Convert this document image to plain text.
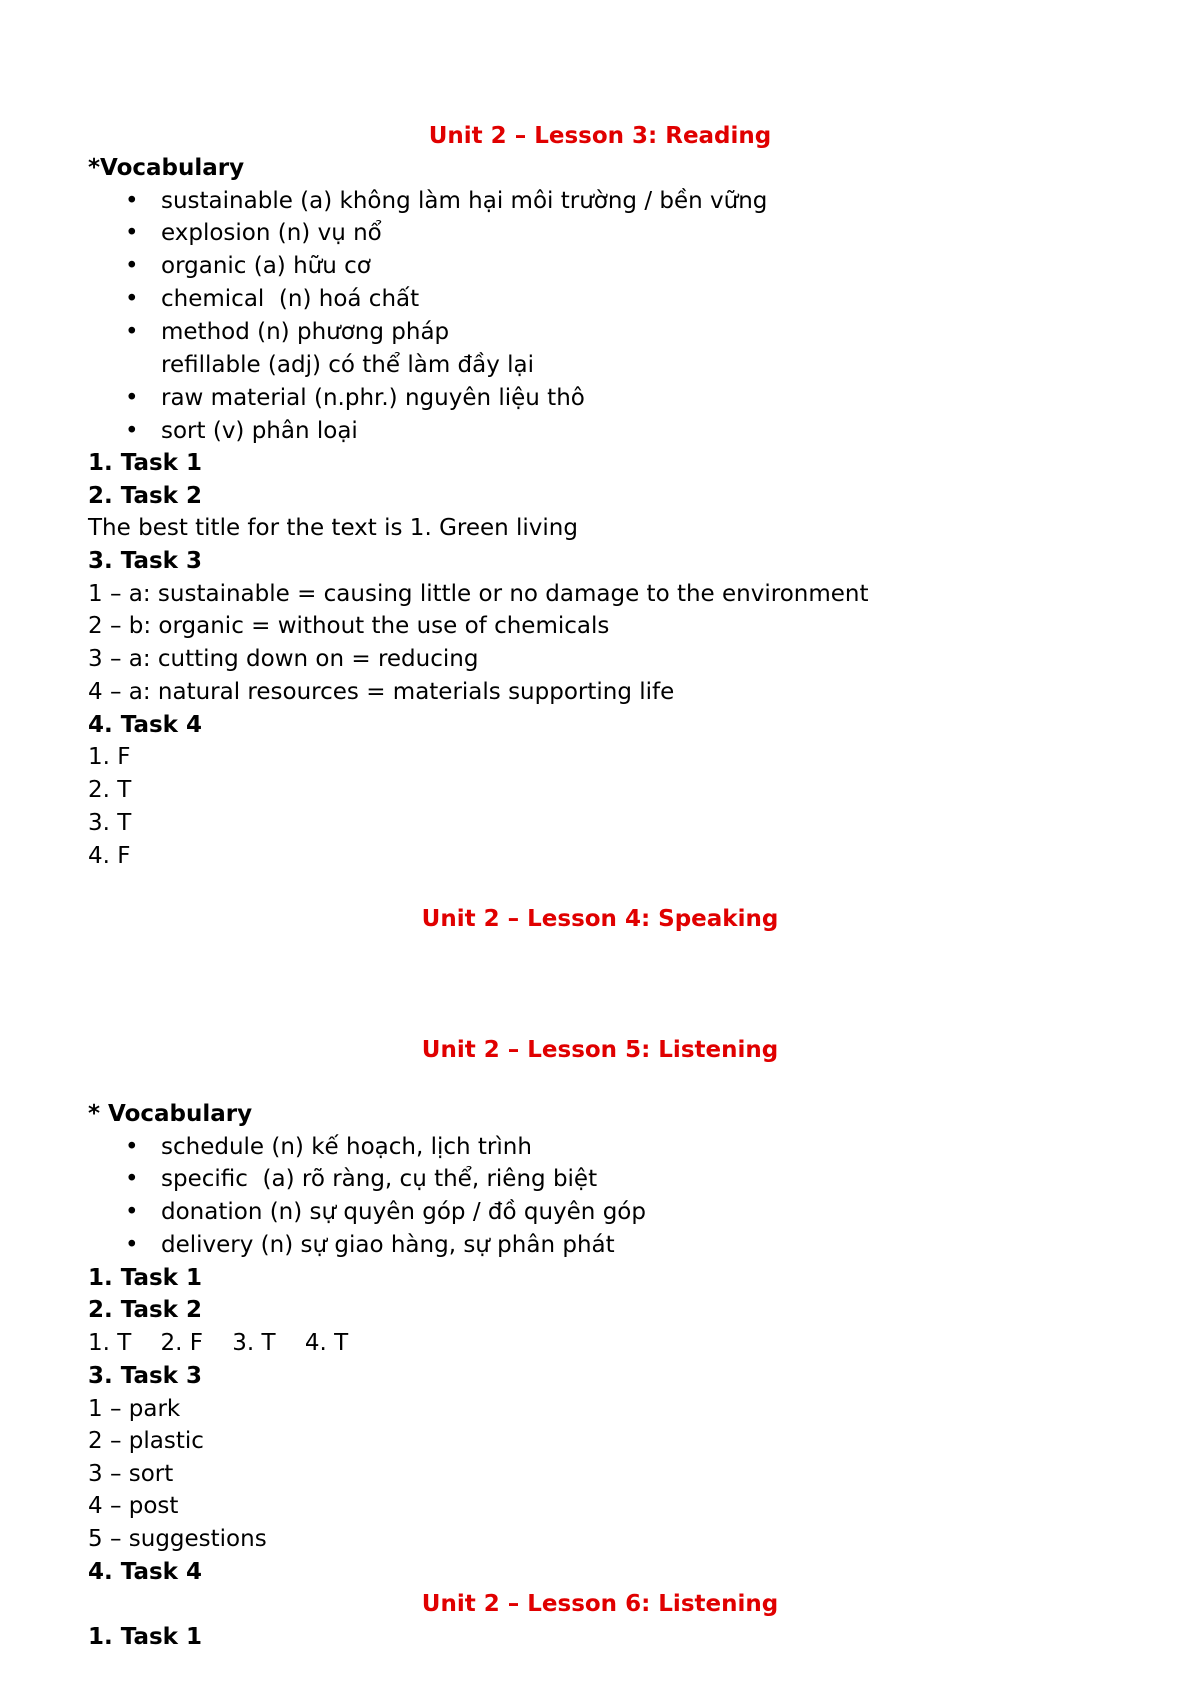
Unit 2 – Lesson 3: Reading
*Vocabulary
• sustainable (a) không làm hại môi trường / bền vững
• explosion (n) vụ nổ
• organic (a) hữu cơ
• chemical  (n) hoá chất
• method (n) phương pháp
refillable (adj) có thể làm đầy lại
• raw material (n.phr.) nguyên liệu thô
• sort (v) phân loại
1. Task 1
2. Task 2
The best title for the text is 1. Green living
3. Task 3
1 – a: sustainable = causing little or no damage to the environment
2 – b: organic = without the use of chemicals
3 – a: cutting down on = reducing
4 – a: natural resources = materials supporting life
4. Task 4
1. F
2. T
3. T
4. F
Unit 2 – Lesson 4: Speaking
Unit 2 – Lesson 5: Listening
* Vocabulary
• schedule (n) kế hoạch, lịch trình
• specific  (a) rõ ràng, cụ thể, riêng biệt
• donation (n) sự quyên góp / đồ quyên góp
• delivery (n) sự giao hàng, sự phân phát
1. Task 1
2. Task 2
1. T    2. F    3. T    4. T
3. Task 3
1 – park
2 – plastic
3 – sort
4 – post
5 – suggestions
4. Task 4
Unit 2 – Lesson 6: Listening
1. Task 1
